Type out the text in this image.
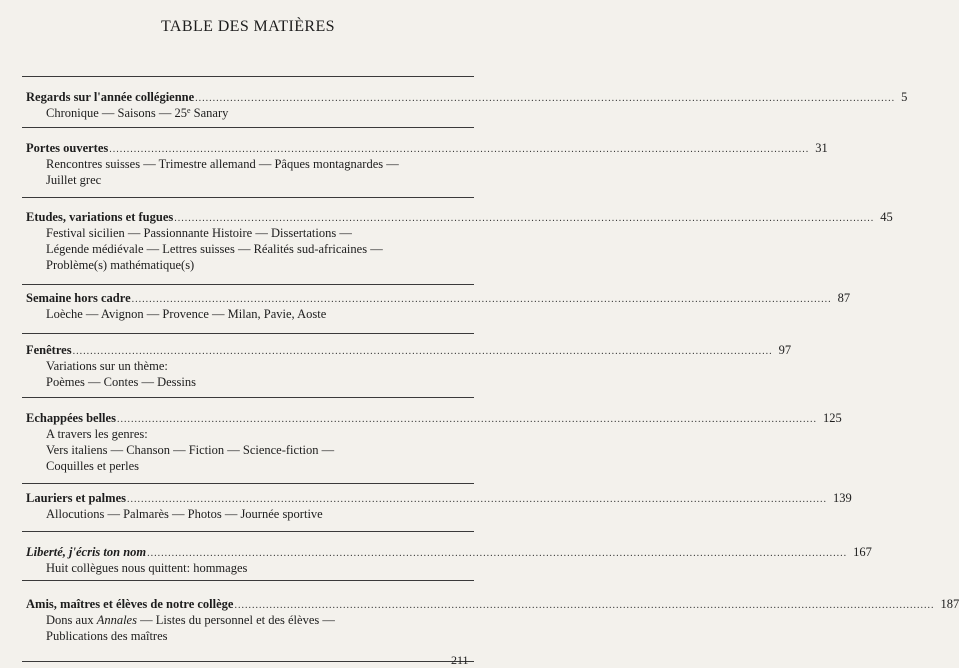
TABLE DES MATIÈRES
Regards sur l'année collégienne ........................................................................................................................................................................................................ 5
Chronique — Saisons — 25e Sanary
Portes ouvertes ........................................................................................................................................................................................................ 31
Rencontres suisses — Trimestre allemand — Pâques montagnardes —
Juillet grec
Etudes, variations et fugues ........................................................................................................................................................................................................ 45
Festival sicilien — Passionnante Histoire — Dissertations —
Légende médiévale — Lettres suisses — Réalités sud-africaines —
Problème(s) mathématique(s)
Semaine hors cadre ........................................................................................................................................................................................................ 87
Loèche — Avignon — Provence — Milan, Pavie, Aoste
Fenêtres ........................................................................................................................................................................................................ 97
Variations sur un thème:
Poèmes — Contes — Dessins
Echappées belles ........................................................................................................................................................................................................ 125
A travers les genres:
Vers italiens — Chanson — Fiction — Science-fiction —
Coquilles et perles
Lauriers et palmes ........................................................................................................................................................................................................ 139
Allocutions — Palmarès — Photos — Journée sportive
Liberté, j'écris ton nom ........................................................................................................................................................................................................ 167
Huit collègues nous quittent: hommages
Amis, maîtres et élèves de notre collège ........................................................................................................................................................................................................ 187
Dons aux Annales — Listes du personnel et des élèves —
Publications des maîtres
211
